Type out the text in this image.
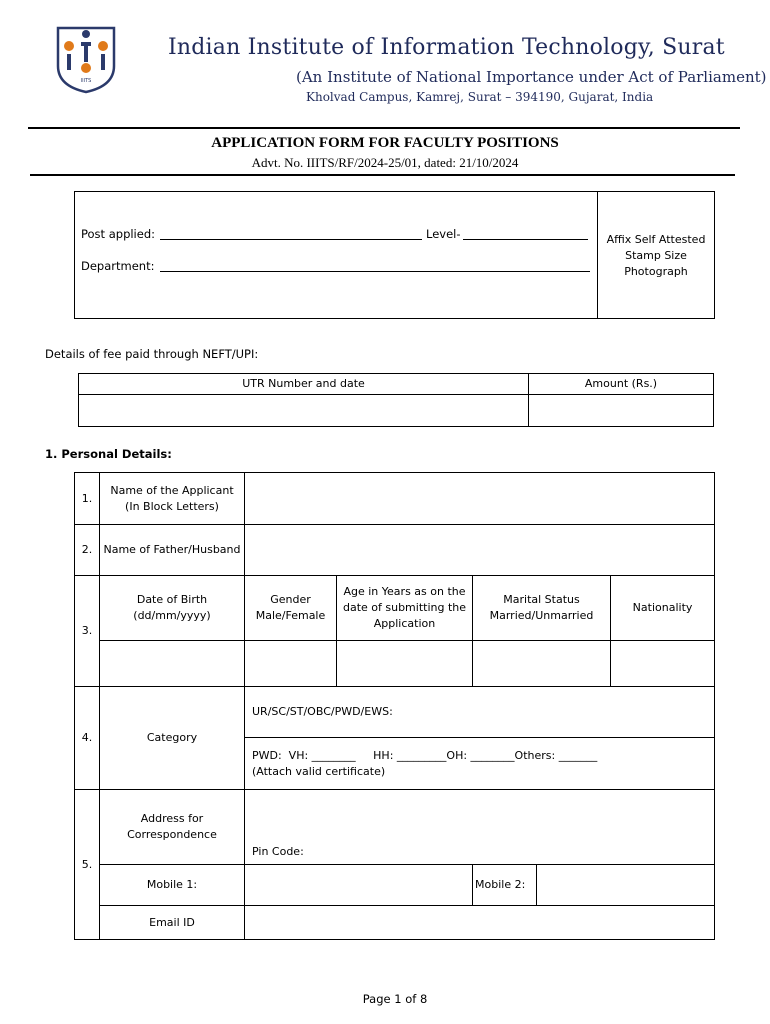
IIITS
Indian Institute of Information Technology, Surat
(An Institute of National Importance under Act of Parliament)
Kholvad Campus, Kamrej, Surat – 394190, Gujarat, India
APPLICATION FORM FOR FACULTY POSITIONS
Advt. No. IIITS/RF/2024-25/01, dated: 21/10/2024
Affix Self Attested Stamp Size Photograph
Post applied:	Level-
Department:
Details of fee paid through NEFT/UPI:
UTR Number and date	Amount (Rs.)

1. Personal Details:
1.	Name of the Applicant (In Block Letters)					
2.	Name of Father/Husband					
3.	Date of Birth (dd/mm/yyyy)	Gender Male/Female	Age in Years as on the date of submitting the Application	Marital Status Married/Unmarried		Nationality

4.	Category	UR/SC/ST/OBC/PWD/EWS:				

		PWD:  VH: ________     HH: _________OH: ________Others: _______
(Attach valid certificate)				

5.	Address for Correspondence	Pin Code:				
	Mobile 1:			Mobile 2:		
	Email ID					
Page 1 of 8
